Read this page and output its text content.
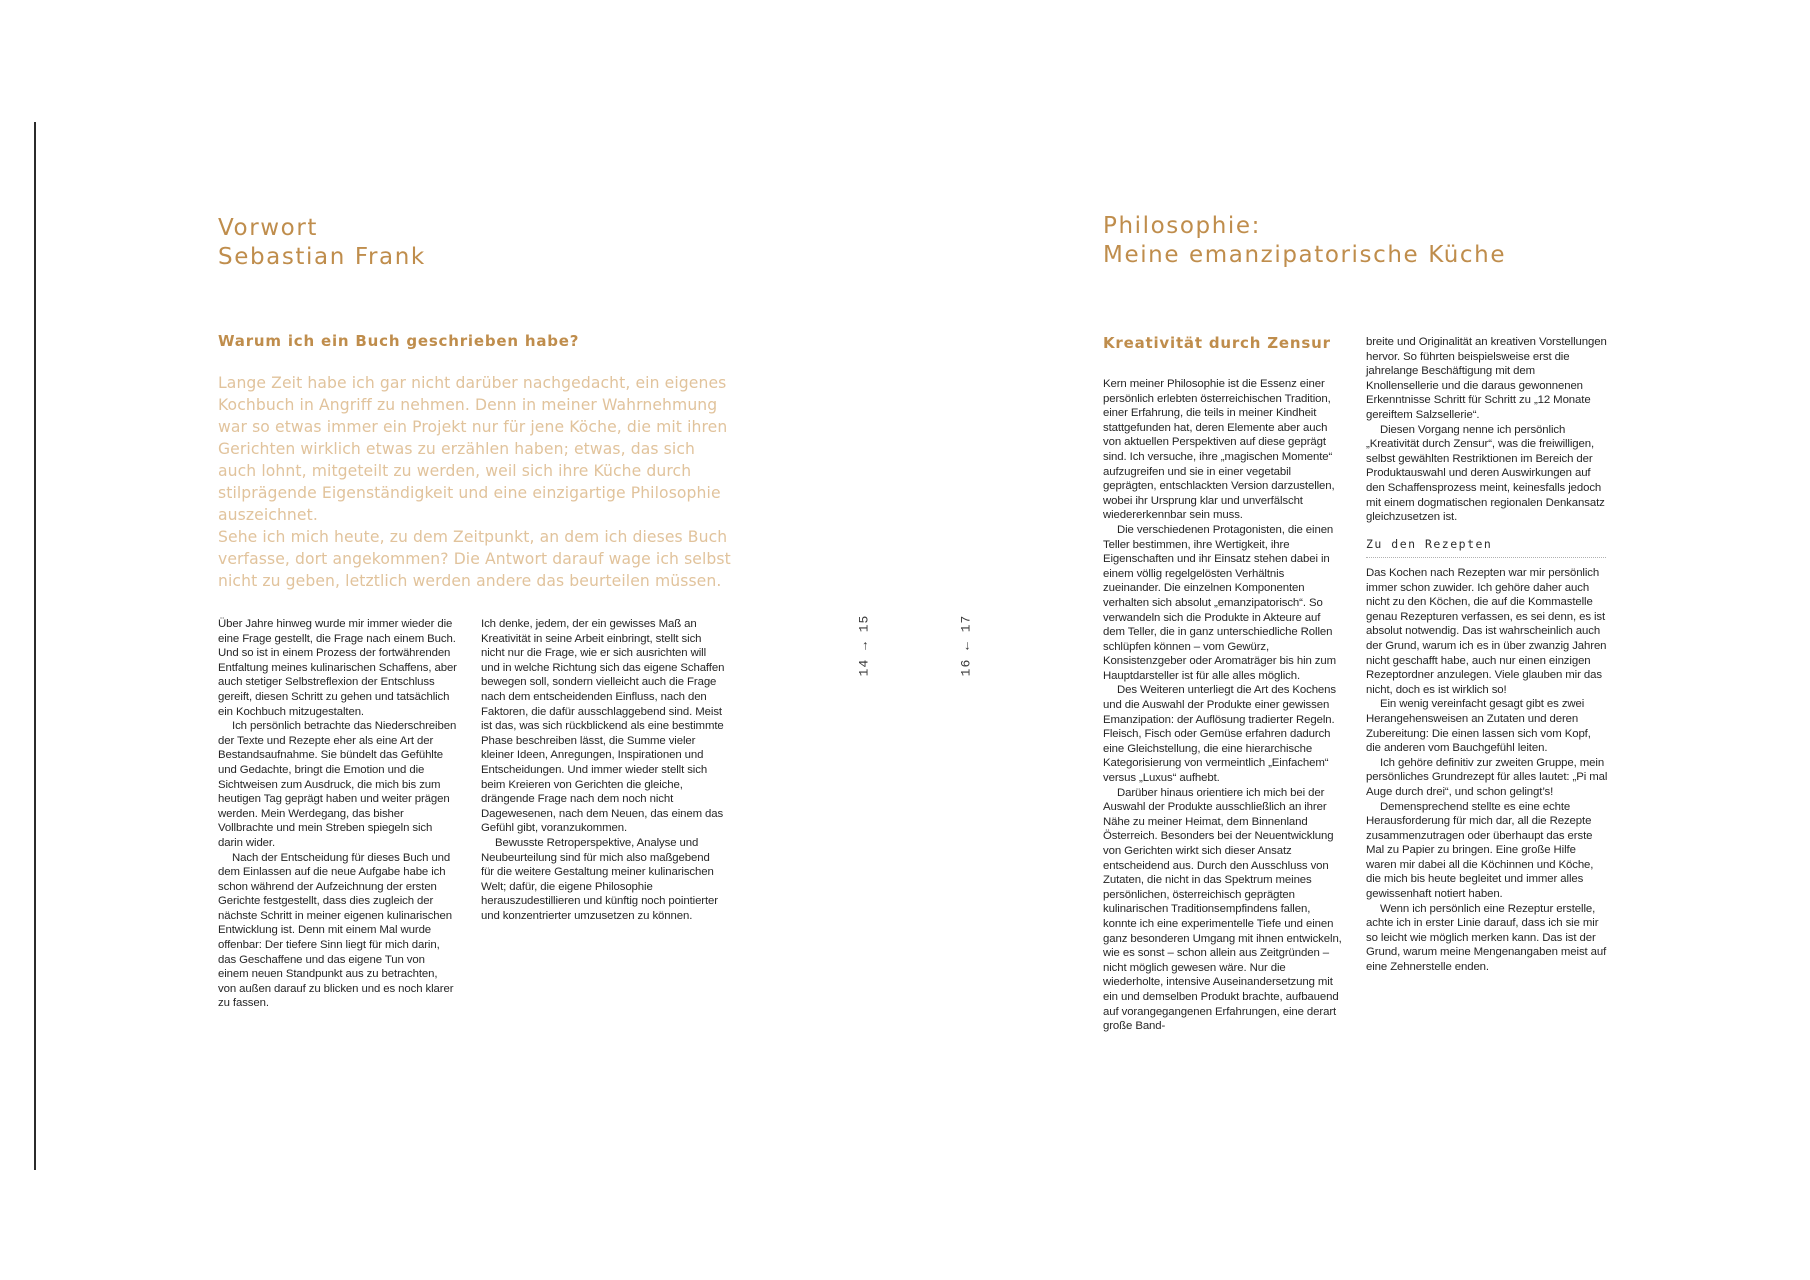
Vorwort
Sebastian Frank
Warum ich ein Buch geschrieben habe?

Lange Zeit habe ich gar nicht darüber nachgedacht, ein eigenes Kochbuch in Angriff zu nehmen. Denn in meiner Wahrnehmung war so etwas immer ein Projekt nur für jene Köche, die mit ihren Gerichten wirklich etwas zu erzählen haben; etwas, das sich auch lohnt, mitgeteilt zu werden, weil sich ihre Küche durch stilprägende Eigenständigkeit und eine einzigartige Philosophie auszeichnet.

Sehe ich mich heute, zu dem Zeitpunkt, an dem ich dieses Buch verfasse, dort angekommen? Die Antwort darauf wage ich selbst nicht zu geben, letztlich werden andere das beurteilen müssen.

Über Jahre hinweg wurde mir immer wieder die eine Frage gestellt, die Frage nach einem Buch. Und so ist in einem Prozess der fortwährenden Entfaltung meines kulinarischen Schaffens, aber auch stetiger Selbstreflexion der Entschluss gereift, diesen Schritt zu gehen und tatsächlich ein Kochbuch mitzugestalten.

Ich persönlich betrachte das Niederschreiben der Texte und Rezepte eher als eine Art der Bestandsaufnahme. Sie bündelt das Gefühlte und Gedachte, bringt die Emotion und die Sichtweisen zum Ausdruck, die mich bis zum heutigen Tag geprägt haben und weiter prägen werden. Mein Werdegang, das bisher Vollbrachte und mein Streben spiegeln sich darin wider.

Nach der Entscheidung für dieses Buch und dem Einlassen auf die neue Aufgabe habe ich schon während der Aufzeichnung der ersten Gerichte festgestellt, dass dies zugleich der nächste Schritt in meiner eigenen kulinarischen Entwicklung ist. Denn mit einem Mal wurde offenbar: Der tiefere Sinn liegt für mich darin, das Geschaffene und das eigene Tun von einem neuen Standpunkt aus zu betrachten, von außen darauf zu blicken und es noch klarer zu fassen.

Ich denke, jedem, der ein gewisses Maß an Kreativität in seine Arbeit einbringt, stellt sich nicht nur die Frage, wie er sich ausrichten will und in welche Richtung sich das eigene Schaffen bewegen soll, sondern vielleicht auch die Frage nach dem entscheidenden Einfluss, nach den Faktoren, die dafür ausschlaggebend sind. Meist ist das, was sich rückblickend als eine bestimmte Phase beschreiben lässt, die Summe vieler kleiner Ideen, Anregungen, Inspirationen und Entscheidungen. Und immer wieder stellt sich beim Kreieren von Gerichten die gleiche, drängende Frage nach dem noch nicht Dagewesenen, nach dem Neuen, das einem das Gefühl gibt, voranzukommen.

Bewusste Retroperspektive, Analyse und Neubeurteilung sind für mich also maßgebend für die weitere Gestaltung meiner kulinarischen Welt; dafür, die eigene Philosophie herauszudestillieren und künftig noch pointierter und konzentrierter umzusetzen zu können.

14 → 15	16 ← 17
Philosophie:
Meine emanzipatorische Küche
Kreativität durch Zensur

Kern meiner Philosophie ist die Essenz einer persönlich erlebten österreichischen Tradition, einer Erfahrung, die teils in meiner Kindheit stattgefunden hat, deren Elemente aber auch von aktuellen Perspektiven auf diese geprägt sind. Ich versuche, ihre „magischen Momente“ aufzugreifen und sie in einer vegetabil geprägten, entschlackten Version darzustellen, wobei ihr Ursprung klar und unverfälscht wiedererkennbar sein muss.

Die verschiedenen Protagonisten, die einen Teller bestimmen, ihre Wertigkeit, ihre Eigenschaften und ihr Einsatz stehen dabei in einem völlig regelgelösten Verhältnis zueinander. Die einzelnen Komponenten verhalten sich absolut „emanzipatorisch“. So verwandeln sich die Produkte in Akteure auf dem Teller, die in ganz unterschiedliche Rollen schlüpfen können – vom Gewürz, Konsistenzgeber oder Aromaträger bis hin zum Hauptdarsteller ist für alle alles möglich.

Des Weiteren unterliegt die Art des Kochens und die Auswahl der Produkte einer gewissen Emanzipation: der Auflösung tradierter Regeln. Fleisch, Fisch oder Gemüse erfahren dadurch eine Gleichstellung, die eine hierarchische Kategorisierung von vermeintlich „Einfachem“ versus „Luxus“ aufhebt.

Darüber hinaus orientiere ich mich bei der Auswahl der Produkte ausschließlich an ihrer Nähe zu meiner Heimat, dem Binnenland Österreich. Besonders bei der Neuentwicklung von Gerichten wirkt sich dieser Ansatz entscheidend aus. Durch den Ausschluss von Zutaten, die nicht in das Spektrum meines persönlichen, österreichisch geprägten kulinarischen Traditionsempfindens fallen, konnte ich eine experimentelle Tiefe und einen ganz besonderen Umgang mit ihnen entwickeln, wie es sonst – schon allein aus Zeitgründen – nicht möglich gewesen wäre. Nur die wiederholte, intensive Auseinandersetzung mit ein und demselben Produkt brachte, aufbauend auf vorangegangenen Erfahrungen, eine derart große Band-

breite und Originalität an kreativen Vorstellungen hervor. So führten beispielsweise erst die jahrelange Beschäftigung mit dem Knollensellerie und die daraus gewonnenen Erkenntnisse Schritt für Schritt zu „12 Monate gereiftem Salzsellerie“.

Diesen Vorgang nenne ich persönlich „Kreativität durch Zensur“, was die freiwilligen, selbst gewählten Restriktionen im Bereich der Produktauswahl und deren Auswirkungen auf den Schaffensprozess meint, keinesfalls jedoch mit einem dogmatischen regionalen Denkansatz gleichzusetzen ist.

Zu den Rezepten

Das Kochen nach Rezepten war mir persönlich immer schon zuwider. Ich gehöre daher auch nicht zu den Köchen, die auf die Kommastelle genau Rezepturen verfassen, es sei denn, es ist absolut notwendig. Das ist wahrscheinlich auch der Grund, warum ich es in über zwanzig Jahren nicht geschafft habe, auch nur einen einzigen Rezeptordner anzulegen. Viele glauben mir das nicht, doch es ist wirklich so!

Ein wenig vereinfacht gesagt gibt es zwei Herangehensweisen an Zutaten und deren Zubereitung: Die einen lassen sich vom Kopf, die anderen vom Bauchgefühl leiten.

Ich gehöre definitiv zur zweiten Gruppe, mein persönliches Grundrezept für alles lautet: „Pi mal Auge durch drei“, und schon gelingt’s!

Demensprechend stellte es eine echte Herausforderung für mich dar, all die Rezepte zusammenzutragen oder überhaupt das erste Mal zu Papier zu bringen. Eine große Hilfe waren mir dabei all die Köchinnen und Köche, die mich bis heute begleitet und immer alles gewissenhaft notiert haben.

Wenn ich persönlich eine Rezeptur erstelle, achte ich in erster Linie darauf, dass ich sie mir so leicht wie möglich merken kann. Das ist der Grund, warum meine Mengenangaben meist auf eine Zehnerstelle enden.
